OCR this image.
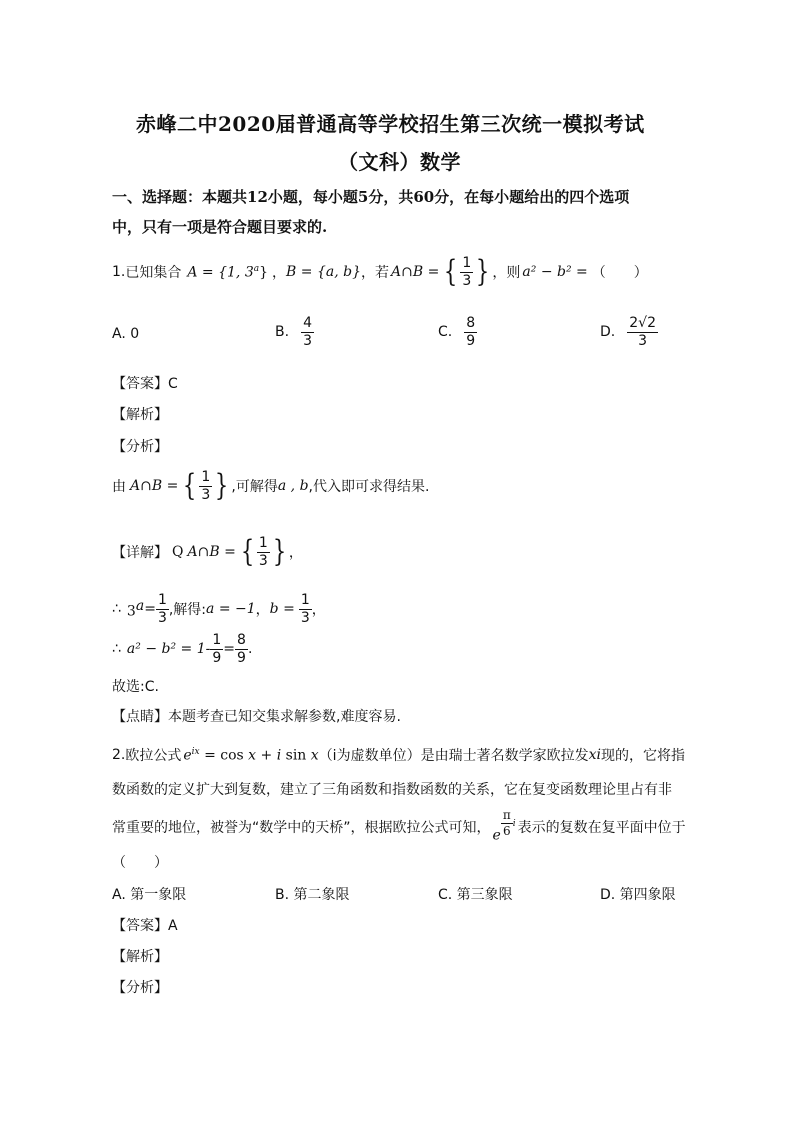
赤峰二中2020届普通高等学校招生第三次统一模拟考试
（文科）数学
一、选择题：本题共12小题，每小题5分，共60分，在每小题给出的四个选项
中，只有一项是符合题目要求的.
1. 已知集合 A = {1, 3$^a$} ， B = {a, b} ，若 A∩B = { $\frac{1}{3}$ } ，则 a² − b² = （　　）
A. 0	B. $\frac{4}{3}$	C. $\frac{8}{9}$	D. $\frac{2√2}{3}$
【答案】C
【解析】
【分析】
由 A∩B = { $\frac{1}{3}$ } ,可解得 a , b ,代入即可求得结果.
【详解】 Q A∩B = { $\frac{1}{3}$ } ，
∴ $3^a = \frac{1}{3}$ ,解得: a = −1 ， $b = \frac{1}{3}$ ，
∴ $a^2 - b^2 = 1- \frac{1}{9} = \frac{8}{9}$ .
故选:C.
【点睛】本题考查已知交集求解参数,难度容易.
2. 欧拉公式 $e^{ix} = \cos x + i$ sin x （i为虚数单位）是由瑞士著名数学家欧拉发 xi 现的，它将指
数函数的定义扩大到复数，建立了三角函数和指数函数的关系，它在复变函数理论里占有非
常重要的地位，被誉为“数学中的天桥”，根据欧拉公式可知， e $^{\frac{\pi}{6} i}$ 表示的复数在复平面中位于
（　　）
A. 第一象限	B. 第二象限	C. 第三象限	D. 第四象限
【答案】A
【解析】
【分析】
